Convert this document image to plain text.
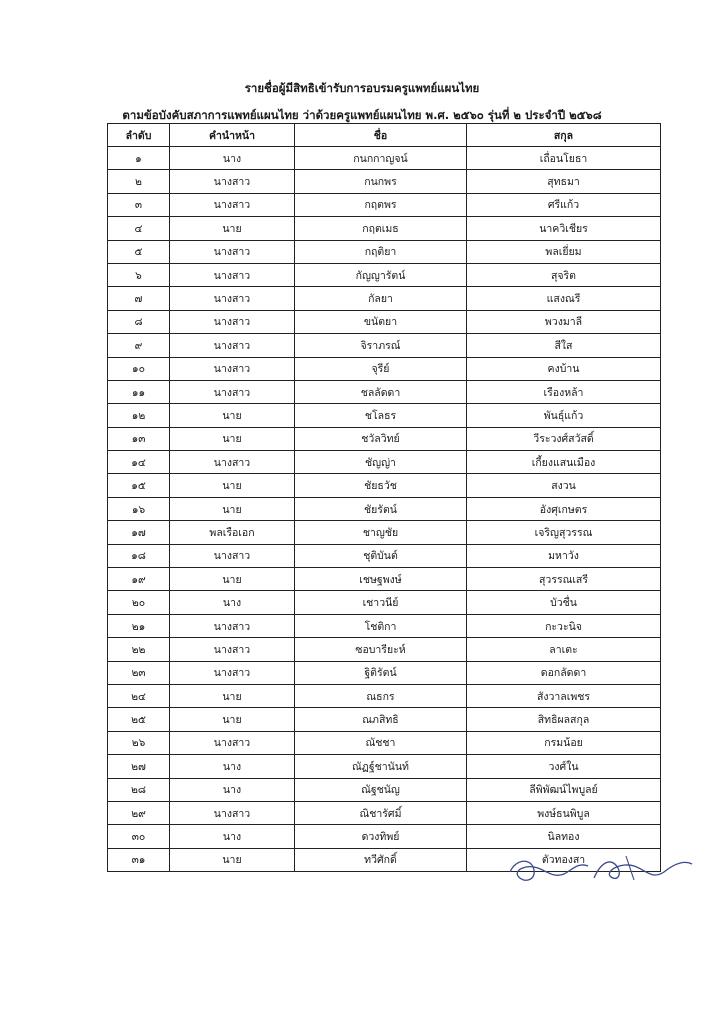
รายชื่อผู้มีสิทธิเข้ารับการอบรมครูแพทย์แผนไทย
ตามข้อบังคับสภาการแพทย์แผนไทย ว่าด้วยครูแพทย์แผนไทย พ.ศ. ๒๕๖๐ รุ่นที่ ๒ ประจำปี ๒๕๖๘
ลำดับ	คำนำหน้า	ชื่อ	สกุล
๑	นาง	กนกกาญจน์	เถื่อนโยธา
๒	นางสาว	กนกพร	สุทธมา
๓	นางสาว	กฤตพร	ศรีแก้ว
๔	นาย	กฤตเมธ	นาควิเชียร
๕	นางสาว	กฤติยา	พลเยี่ยม
๖	นางสาว	กัญญารัตน์	สุจริต
๗	นางสาว	กัลยา	แสงณรี
๘	นางสาว	ขนัตยา	พวงมาลี
๙	นางสาว	จิราภรณ์	สีใส
๑๐	นางสาว	จุรีย์	คงบ้าน
๑๑	นางสาว	ชลลัดดา	เรืองหล้า
๑๒	นาย	ชโลธร	พันธุ์แก้ว
๑๓	นาย	ชวัลวิทย์	วีระวงศ์สวัสดิ์
๑๔	นางสาว	ชัญญ่า	เกี้ยงแสนเมือง
๑๕	นาย	ชัยธวัช	สงวน
๑๖	นาย	ชัยรัตน์	อังศุเกษตร
๑๗	พลเรือเอก	ชาญชัย	เจริญสุวรรณ
๑๘	นางสาว	ชุติบันต์	มหาวัง
๑๙	นาย	เชษฐพงษ์	สุวรรณเสรี
๒๐	นาง	เชาวนีย์	บัวชื่น
๒๑	นางสาว	โชติกา	กะวะนิจ
๒๒	นางสาว	ซอบารียะห์	ลาเตะ
๒๓	นางสาว	ฐิติรัตน์	ดอกลัดดา
๒๔	นาย	ณธกร	สังวาลเพชร
๒๕	นาย	ณภสิทธิ	สิทธิผลสกุล
๒๖	นางสาว	ณัชชา	กรมน้อย
๒๗	นาง	ณัฏฐ์ชานันท์	วงศ์ใน
๒๘	นาง	ณัฐชนัญ	ลีพิพัฒน์ไพบูลย์
๒๙	นางสาว	ณิชารัศมิ์	พงษ์ธนพิบูล
๓๐	นาง	ดวงทิพย์	นิลทอง
๓๑	นาย	ทวีศักดิ์	ตัวทองสา
